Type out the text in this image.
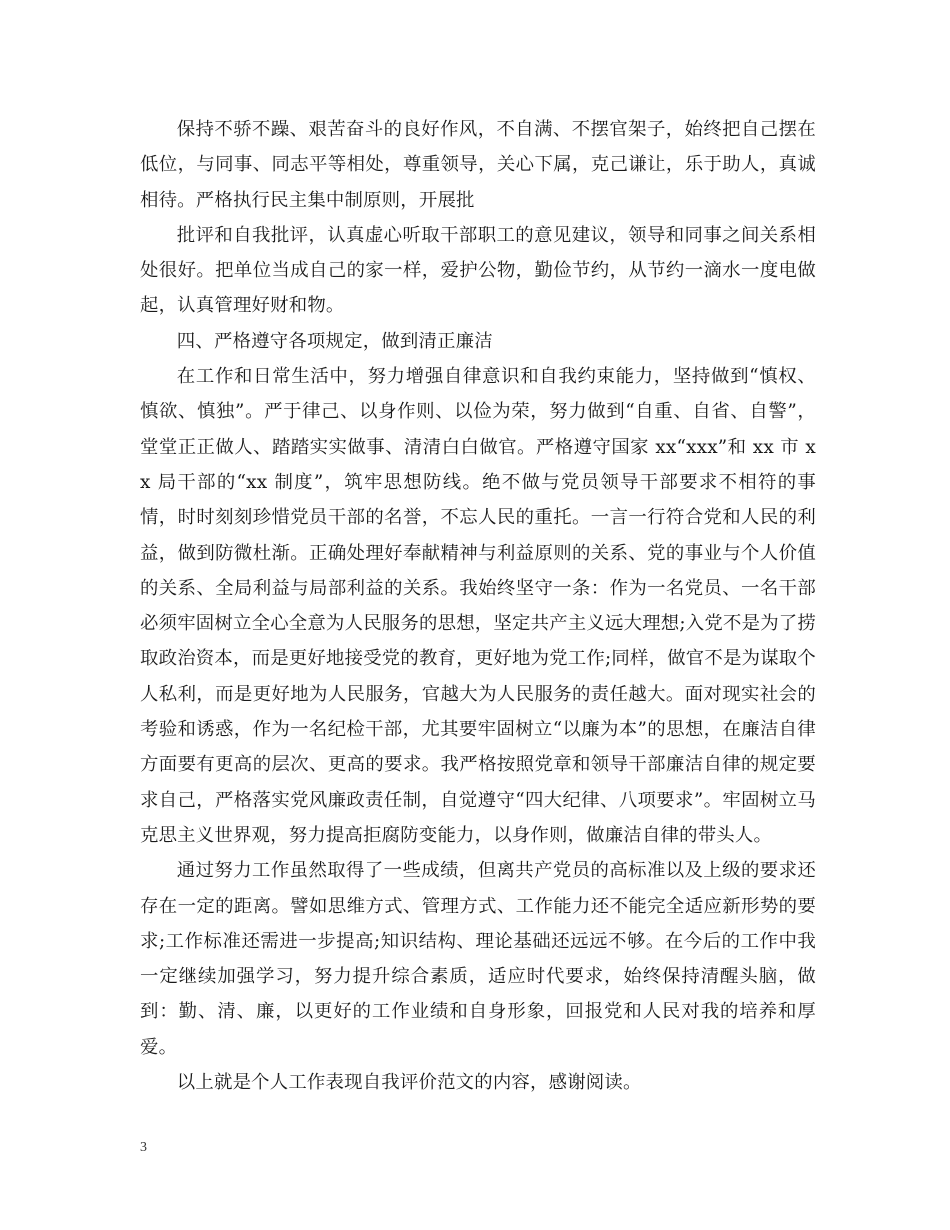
保持不骄不躁、艰苦奋斗的良好作风，不自满、不摆官架子，始终把自己摆在低位，与同事、同志平等相处，尊重领导，关心下属，克己谦让，乐于助人，真诚相待。严格执行民主集中制原则，开展批

批评和自我批评，认真虚心听取干部职工的意见建议，领导和同事之间关系相处很好。把单位当成自己的家一样，爱护公物，勤俭节约，从节约一滴水一度电做起，认真管理好财和物。

四、严格遵守各项规定，做到清正廉洁

在工作和日常生活中，努力增强自律意识和自我约束能力，坚持做到“慎权、慎欲、慎独”。严于律己、以身作则、以俭为荣，努力做到“自重、自省、自警”，堂堂正正做人、踏踏实实做事、清清白白做官。严格遵守国家 xx“xxx”和 xx 市 xx 局干部的“xx 制度”，筑牢思想防线。绝不做与党员领导干部要求不相符的事情，时时刻刻珍惜党员干部的名誉，不忘人民的重托。一言一行符合党和人民的利益，做到防微杜渐。正确处理好奉献精神与利益原则的关系、党的事业与个人价值的关系、全局利益与局部利益的关系。我始终坚守一条：作为一名党员、一名干部必须牢固树立全心全意为人民服务的思想，坚定共产主义远大理想;入党不是为了捞取政治资本，而是更好地接受党的教育，更好地为党工作;同样，做官不是为谋取个人私利，而是更好地为人民服务，官越大为人民服务的责任越大。面对现实社会的考验和诱惑，作为一名纪检干部，尤其要牢固树立“以廉为本”的思想，在廉洁自律方面要有更高的层次、更高的要求。我严格按照党章和领导干部廉洁自律的规定要求自己，严格落实党风廉政责任制，自觉遵守“四大纪律、八项要求”。牢固树立马克思主义世界观，努力提高拒腐防变能力，以身作则，做廉洁自律的带头人。

通过努力工作虽然取得了一些成绩，但离共产党员的高标准以及上级的要求还存在一定的距离。譬如思维方式、管理方式、工作能力还不能完全适应新形势的要求;工作标准还需进一步提高;知识结构、理论基础还远远不够。在今后的工作中我一定继续加强学习，努力提升综合素质，适应时代要求，始终保持清醒头脑，做到：勤、清、廉，以更好的工作业绩和自身形象，回报党和人民对我的培养和厚爱。

以上就是个人工作表现自我评价范文的内容，感谢阅读。

3
